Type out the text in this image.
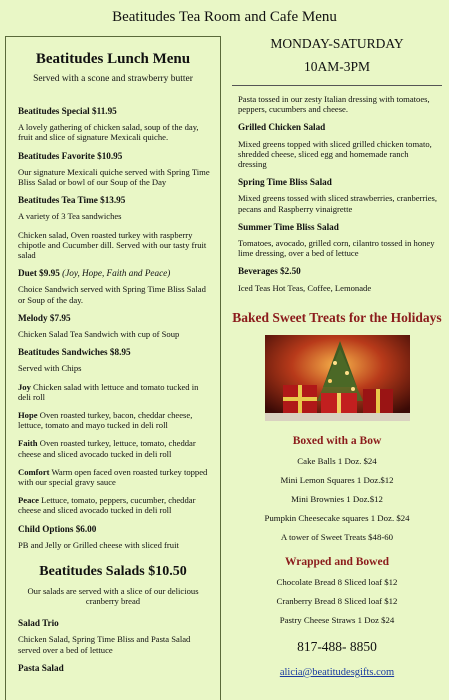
Beatitudes Tea Room and Cafe Menu
Beatitudes Lunch Menu
Served with a scone and strawberry butter
Beatitudes Special $11.95
A lovely gathering of chicken salad, soup of the day, fruit and slice of signature Mexicali quiche.
Beatitudes Favorite $10.95
Our signature Mexicali quiche served with Spring Time Bliss Salad or bowl of our Soup of the Day
Beatitudes Tea Time $13.95
A variety of 3 Tea sandwiches
Chicken salad, Oven roasted turkey with raspberry chipotle and Cucumber dill. Served with our tasty fruit salad
Duet $9.95 (Joy, Hope, Faith and Peace)
Choice Sandwich served with Spring Time Bliss Salad or Soup of the day.
Melody $7.95
Chicken Salad Tea Sandwich with cup of Soup
Beatitudes Sandwiches $8.95
Served with Chips
Joy Chicken salad with lettuce and tomato tucked in deli roll
Hope Oven roasted turkey, bacon, cheddar cheese, lettuce, tomato and mayo tucked in deli roll
Faith Oven roasted turkey, lettuce, tomato, cheddar cheese and sliced avocado tucked in deli roll
Comfort Warm open faced oven roasted turkey topped with our special gravy sauce
Peace Lettuce, tomato, peppers, cucumber, cheddar cheese and sliced avocado tucked in deli roll
Child Options $6.00
PB and Jelly or Grilled cheese with sliced fruit
Beatitudes Salads $10.50
Our salads are served with a slice of our delicious cranberry bread
Salad Trio
Chicken Salad, Spring Time Bliss and Pasta Salad served over a bed of lettuce
Pasta Salad
MONDAY-SATURDAY
10AM-3PM
Pasta tossed in our zesty Italian dressing with tomatoes, peppers, cucumbers and cheese.
Grilled Chicken Salad
Mixed greens topped with sliced grilled chicken tomato, shredded cheese, sliced egg and homemade ranch dressing
Spring Time Bliss Salad
Mixed greens tossed with sliced strawberries, cranberries, pecans and Raspberry vinaigrette
Summer Time Bliss Salad
Tomatoes, avocado, grilled corn, cilantro tossed in honey lime dressing, over a bed of lettuce
Beverages $2.50
Iced Teas Hot Teas, Coffee, Lemonade
Baked Sweet Treats for the Holidays
Boxed with a Bow
Cake Balls 1 Doz. $24
Mini Lemon Squares 1 Doz.$12
Mini Brownies 1 Doz.$12
Pumpkin Cheesecake squares 1 Doz. $24
A tower of Sweet Treats $48-60
Wrapped and Bowed
Chocolate Bread 8 Sliced loaf $12
Cranberry Bread 8 Sliced loaf $12
Pastry Cheese Straws 1 Doz $24
817-488- 8850
alicia@beatitudesgifts.com
